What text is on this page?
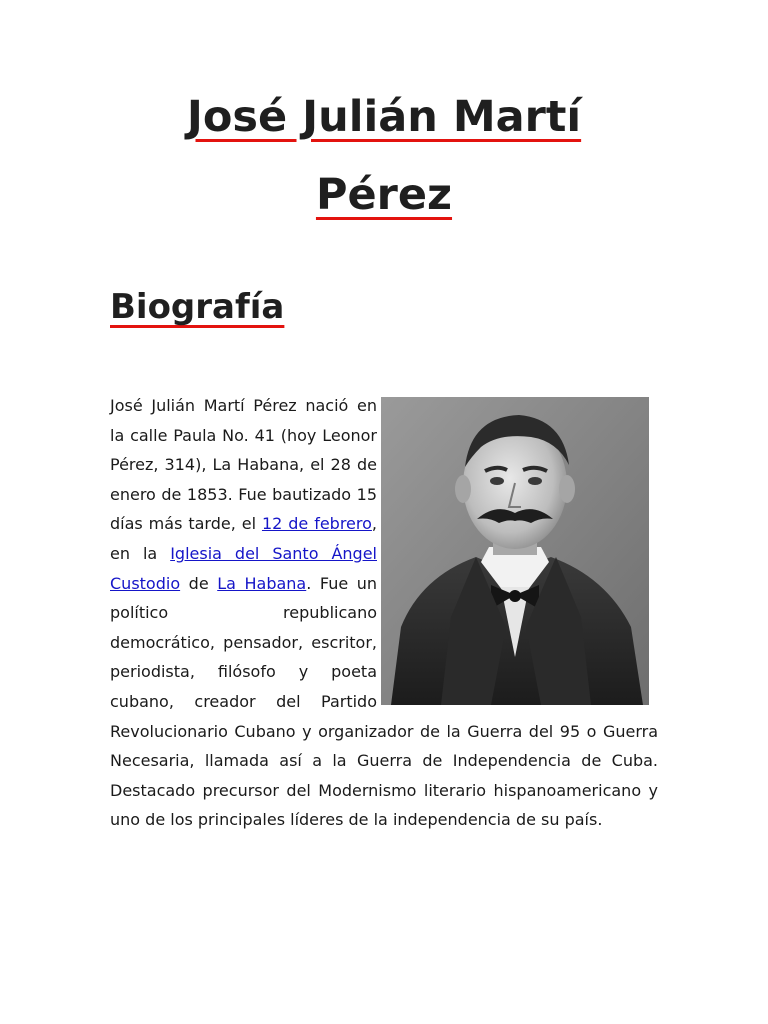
José Julián Martí
Pérez
Biografía

José Julián Martí Pérez nació en la calle Paula No. 41 (hoy Leonor Pérez, 314), La Habana, el 28 de enero de 1853. Fue bautizado 15 días más tarde, el 12 de febrero, en la Iglesia del Santo Ángel Custodio de La Habana. Fue un político republicano democrático, pensador, escritor, periodista, filósofo y poeta cubano, creador del Partido Revolucionario Cubano y organizador de la Guerra del 95 o Guerra Necesaria, llamada así a la Guerra de Independencia de Cuba. Destacado precursor del Modernismo literario hispanoamericano y uno de los principales líderes de la independencia de su país.
